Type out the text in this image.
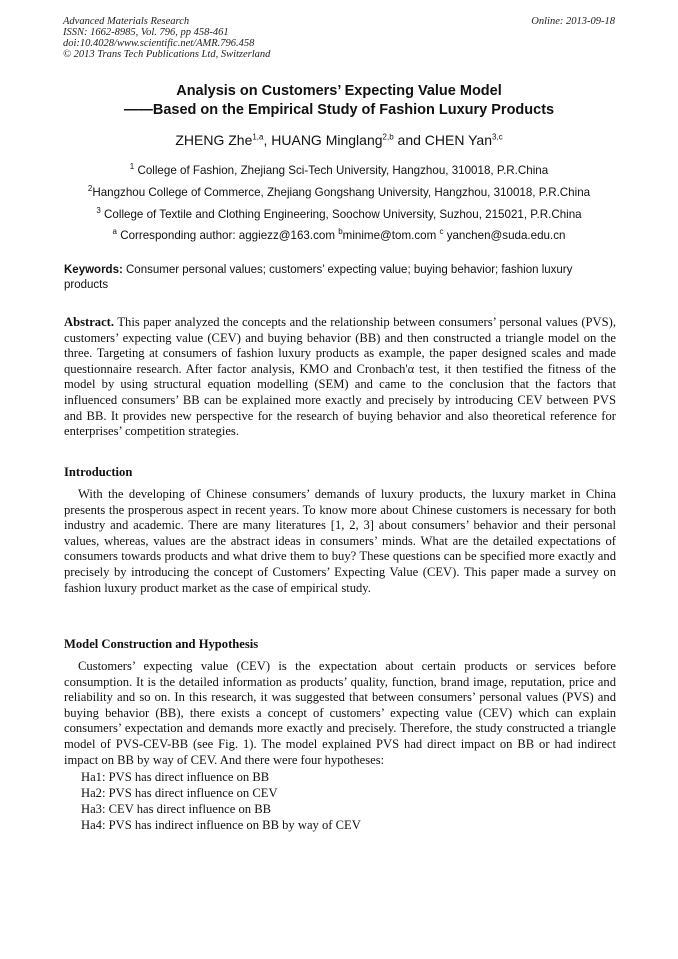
Advanced Materials Research
ISSN: 1662-8985, Vol. 796, pp 458-461
doi:10.4028/www.scientific.net/AMR.796.458
© 2013 Trans Tech Publications Ltd, Switzerland
Online: 2013-09-18
Analysis on Customers’ Expecting Value Model
——Based on the Empirical Study of Fashion Luxury Products
ZHENG Zhe$^{1,a}$, HUANG Minglang$^{2,b}$ and CHEN Yan$^{3,c}$
$^1$ College of Fashion, Zhejiang Sci-Tech University, Hangzhou, 310018, P.R.China
$^2$Hangzhou College of Commerce, Zhejiang Gongshang University, Hangzhou, 310018, P.R.China
$^3$ College of Textile and Clothing Engineering, Soochow University, Suzhou, 215021, P.R.China
$^a$ Corresponding author: aggiezz@163.com $^b$minime@tom.com $^c$ yanchen@suda.edu.cn
Keywords: Consumer personal values; customers’ expecting value; buying behavior; fashion luxury products
Abstract. This paper analyzed the concepts and the relationship between consumers’ personal values (PVS), customers’ expecting value (CEV) and buying behavior (BB) and then constructed a triangle model on the three. Targeting at consumers of fashion luxury products as example, the paper designed scales and made questionnaire research. After factor analysis, KMO and Cronbach'α test, it then testified the fitness of the model by using structural equation modelling (SEM) and came to the conclusion that the factors that influenced consumers’ BB can be explained more exactly and precisely by introducing CEV between PVS and BB. It provides new perspective for the research of buying behavior and also theoretical reference for enterprises’ competition strategies.
Introduction
With the developing of Chinese consumers’ demands of luxury products, the luxury market in China presents the prosperous aspect in recent years. To know more about Chinese customers is necessary for both industry and academic. There are many literatures [1, 2, 3] about consumers’ behavior and their personal values, whereas, values are the abstract ideas in consumers’ minds. What are the detailed expectations of consumers towards products and what drive them to buy? These questions can be specified more exactly and precisely by introducing the concept of Customers’ Expecting Value (CEV). This paper made a survey on fashion luxury product market as the case of empirical study.
Model Construction and Hypothesis
Customers’ expecting value (CEV) is the expectation about certain products or services before consumption. It is the detailed information as products’ quality, function, brand image, reputation, price and reliability and so on. In this research, it was suggested that between consumers’ personal values (PVS) and buying behavior (BB), there exists a concept of customers’ expecting value (CEV) which can explain consumers’ expectation and demands more exactly and precisely. Therefore, the study constructed a triangle model of PVS-CEV-BB (see Fig. 1). The model explained PVS had direct impact on BB or had indirect impact on BB by way of CEV. And there were four hypotheses:
Ha1: PVS has direct influence on BB
Ha2: PVS has direct influence on CEV
Ha3: CEV has direct influence on BB
Ha4: PVS has indirect influence on BB by way of CEV
